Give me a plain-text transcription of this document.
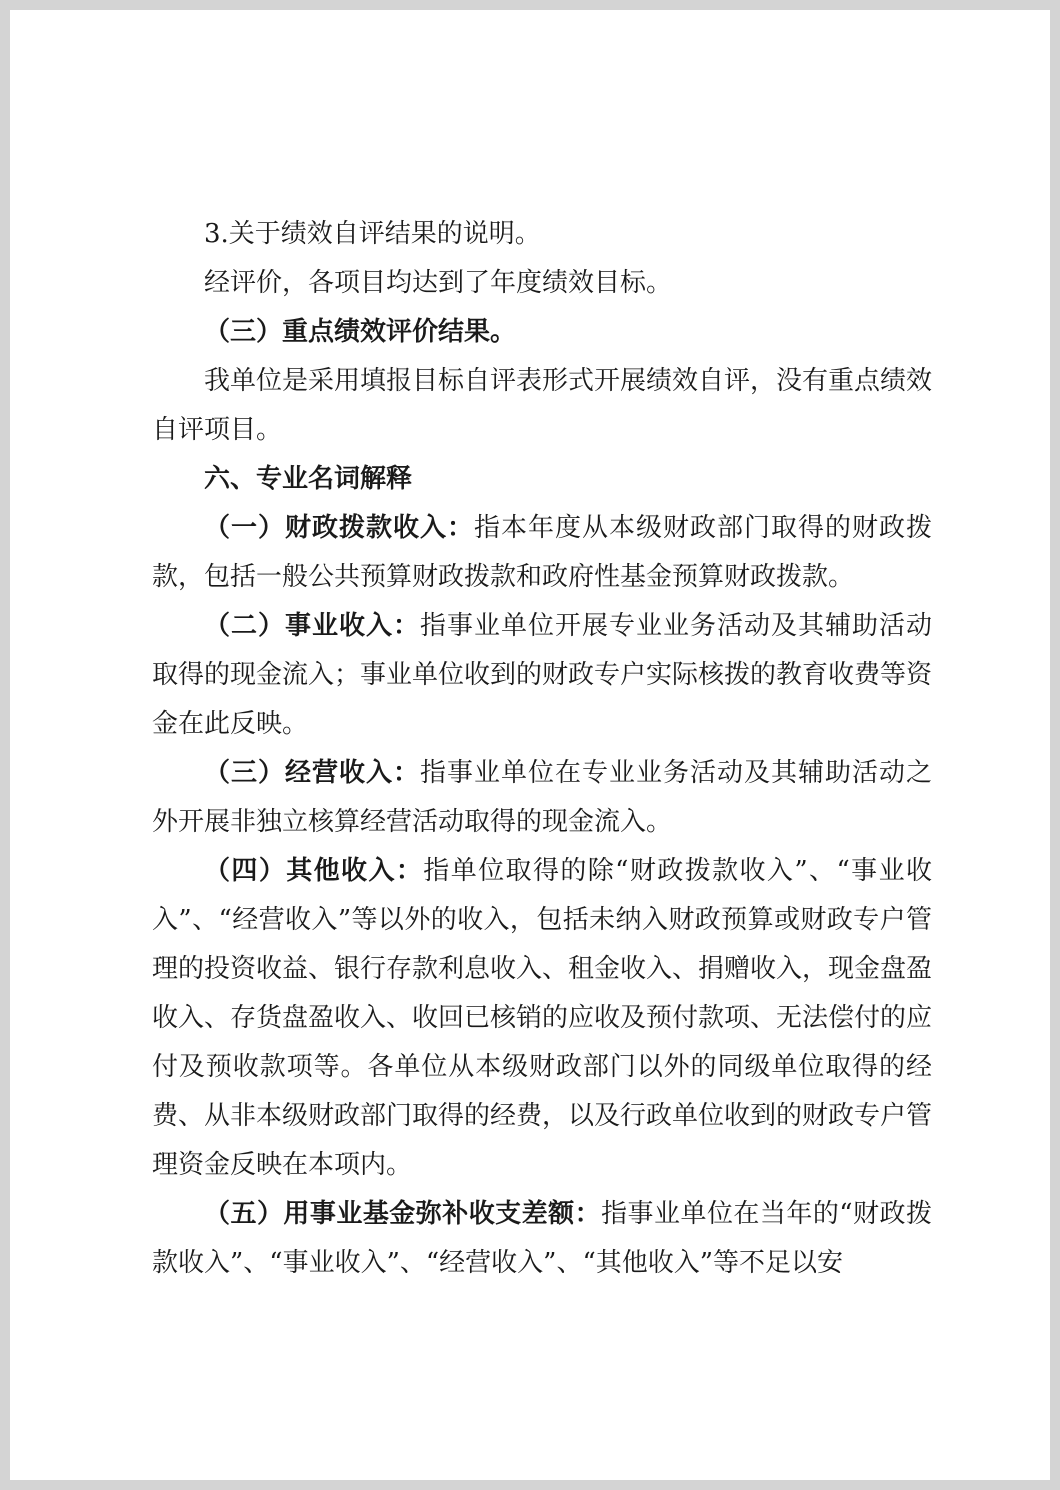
3.关于绩效自评结果的说明。

经评价，各项目均达到了年度绩效目标。

（三）重点绩效评价结果。

我单位是采用填报目标自评表形式开展绩效自评，没有重点绩效自评项目。

六、专业名词解释

（一）财政拨款收入：指本年度从本级财政部门取得的财政拨款，包括一般公共预算财政拨款和政府性基金预算财政拨款。

（二）事业收入：指事业单位开展专业业务活动及其辅助活动取得的现金流入；事业单位收到的财政专户实际核拨的教育收费等资金在此反映。

（三）经营收入：指事业单位在专业业务活动及其辅助活动之外开展非独立核算经营活动取得的现金流入。

（四）其他收入：指单位取得的除“财政拨款收入”、“事业收入”、“经营收入”等以外的收入，包括未纳入财政预算或财政专户管理的投资收益、银行存款利息收入、租金收入、捐赠收入，现金盘盈收入、存货盘盈收入、收回已核销的应收及预付款项、无法偿付的应付及预收款项等。各单位从本级财政部门以外的同级单位取得的经费、从非本级财政部门取得的经费，以及行政单位收到的财政专户管理资金反映在本项内。

（五）用事业基金弥补收支差额：指事业单位在当年的“财政拨款收入”、“事业收入”、“经营收入”、“其他收入”等不足以安
